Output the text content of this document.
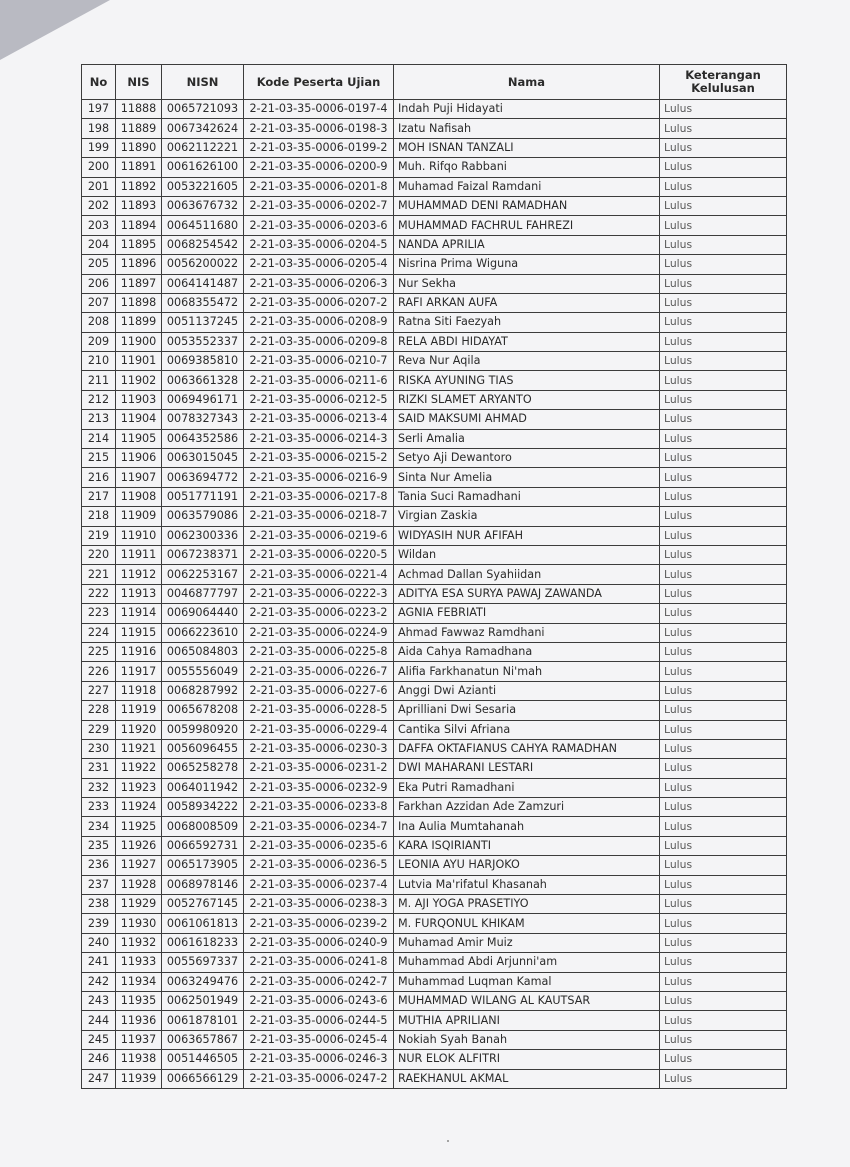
No	NIS	NISN	Kode Peserta Ujian	Nama	Keterangan
Kelulusan

197	11888	0065721093	2-21-03-35-0006-0197-4	Indah Puji Hidayati	Lulus
198	11889	0067342624	2-21-03-35-0006-0198-3	Izatu Nafisah	Lulus
199	11890	0062112221	2-21-03-35-0006-0199-2	MOH ISNAN TANZALI	Lulus
200	11891	0061626100	2-21-03-35-0006-0200-9	Muh. Rifqo Rabbani	Lulus
201	11892	0053221605	2-21-03-35-0006-0201-8	Muhamad Faizal Ramdani	Lulus
202	11893	0063676732	2-21-03-35-0006-0202-7	MUHAMMAD DENI RAMADHAN	Lulus
203	11894	0064511680	2-21-03-35-0006-0203-6	MUHAMMAD FACHRUL FAHREZI	Lulus
204	11895	0068254542	2-21-03-35-0006-0204-5	NANDA APRILIA	Lulus
205	11896	0056200022	2-21-03-35-0006-0205-4	Nisrina Prima Wiguna	Lulus
206	11897	0064141487	2-21-03-35-0006-0206-3	Nur Sekha	Lulus
207	11898	0068355472	2-21-03-35-0006-0207-2	RAFI ARKAN AUFA	Lulus
208	11899	0051137245	2-21-03-35-0006-0208-9	Ratna Siti Faezyah	Lulus
209	11900	0053552337	2-21-03-35-0006-0209-8	RELA ABDI HIDAYAT	Lulus
210	11901	0069385810	2-21-03-35-0006-0210-7	Reva Nur Aqila	Lulus
211	11902	0063661328	2-21-03-35-0006-0211-6	RISKA AYUNING TIAS	Lulus
212	11903	0069496171	2-21-03-35-0006-0212-5	RIZKI SLAMET ARYANTO	Lulus
213	11904	0078327343	2-21-03-35-0006-0213-4	SAID MAKSUMI AHMAD	Lulus
214	11905	0064352586	2-21-03-35-0006-0214-3	Serli Amalia	Lulus
215	11906	0063015045	2-21-03-35-0006-0215-2	Setyo Aji Dewantoro	Lulus
216	11907	0063694772	2-21-03-35-0006-0216-9	Sinta Nur Amelia	Lulus
217	11908	0051771191	2-21-03-35-0006-0217-8	Tania Suci Ramadhani	Lulus
218	11909	0063579086	2-21-03-35-0006-0218-7	Virgian Zaskia	Lulus
219	11910	0062300336	2-21-03-35-0006-0219-6	WIDYASIH NUR AFIFAH	Lulus
220	11911	0067238371	2-21-03-35-0006-0220-5	Wildan	Lulus
221	11912	0062253167	2-21-03-35-0006-0221-4	Achmad Dallan Syahiidan	Lulus
222	11913	0046877797	2-21-03-35-0006-0222-3	ADITYA ESA SURYA PAWAJ ZAWANDA	Lulus
223	11914	0069064440	2-21-03-35-0006-0223-2	AGNIA FEBRIATI	Lulus
224	11915	0066223610	2-21-03-35-0006-0224-9	Ahmad Fawwaz Ramdhani	Lulus
225	11916	0065084803	2-21-03-35-0006-0225-8	Aida Cahya Ramadhana	Lulus
226	11917	0055556049	2-21-03-35-0006-0226-7	Alifia Farkhanatun Ni'mah	Lulus
227	11918	0068287992	2-21-03-35-0006-0227-6	Anggi Dwi Azianti	Lulus
228	11919	0065678208	2-21-03-35-0006-0228-5	Aprilliani Dwi Sesaria	Lulus
229	11920	0059980920	2-21-03-35-0006-0229-4	Cantika Silvi Afriana	Lulus
230	11921	0056096455	2-21-03-35-0006-0230-3	DAFFA OKTAFIANUS CAHYA RAMADHAN	Lulus
231	11922	0065258278	2-21-03-35-0006-0231-2	DWI MAHARANI LESTARI	Lulus
232	11923	0064011942	2-21-03-35-0006-0232-9	Eka Putri Ramadhani	Lulus
233	11924	0058934222	2-21-03-35-0006-0233-8	Farkhan Azzidan Ade Zamzuri	Lulus
234	11925	0068008509	2-21-03-35-0006-0234-7	Ina Aulia Mumtahanah	Lulus
235	11926	0066592731	2-21-03-35-0006-0235-6	KARA ISQIRIANTI	Lulus
236	11927	0065173905	2-21-03-35-0006-0236-5	LEONIA AYU HARJOKO	Lulus
237	11928	0068978146	2-21-03-35-0006-0237-4	Lutvia Ma'rifatul Khasanah	Lulus
238	11929	0052767145	2-21-03-35-0006-0238-3	M. AJI YOGA PRASETIYO	Lulus
239	11930	0061061813	2-21-03-35-0006-0239-2	M. FURQONUL KHIKAM	Lulus
240	11932	0061618233	2-21-03-35-0006-0240-9	Muhamad Amir Muiz	Lulus
241	11933	0055697337	2-21-03-35-0006-0241-8	Muhammad Abdi Arjunni'am	Lulus
242	11934	0063249476	2-21-03-35-0006-0242-7	Muhammad Luqman Kamal	Lulus
243	11935	0062501949	2-21-03-35-0006-0243-6	MUHAMMAD WILANG AL KAUTSAR	Lulus
244	11936	0061878101	2-21-03-35-0006-0244-5	MUTHIA APRILIANI	Lulus
245	11937	0063657867	2-21-03-35-0006-0245-4	Nokiah Syah Banah	Lulus
246	11938	0051446505	2-21-03-35-0006-0246-3	NUR ELOK ALFITRI	Lulus
247	11939	0066566129	2-21-03-35-0006-0247-2	RAEKHANUL AKMAL	Lulus
